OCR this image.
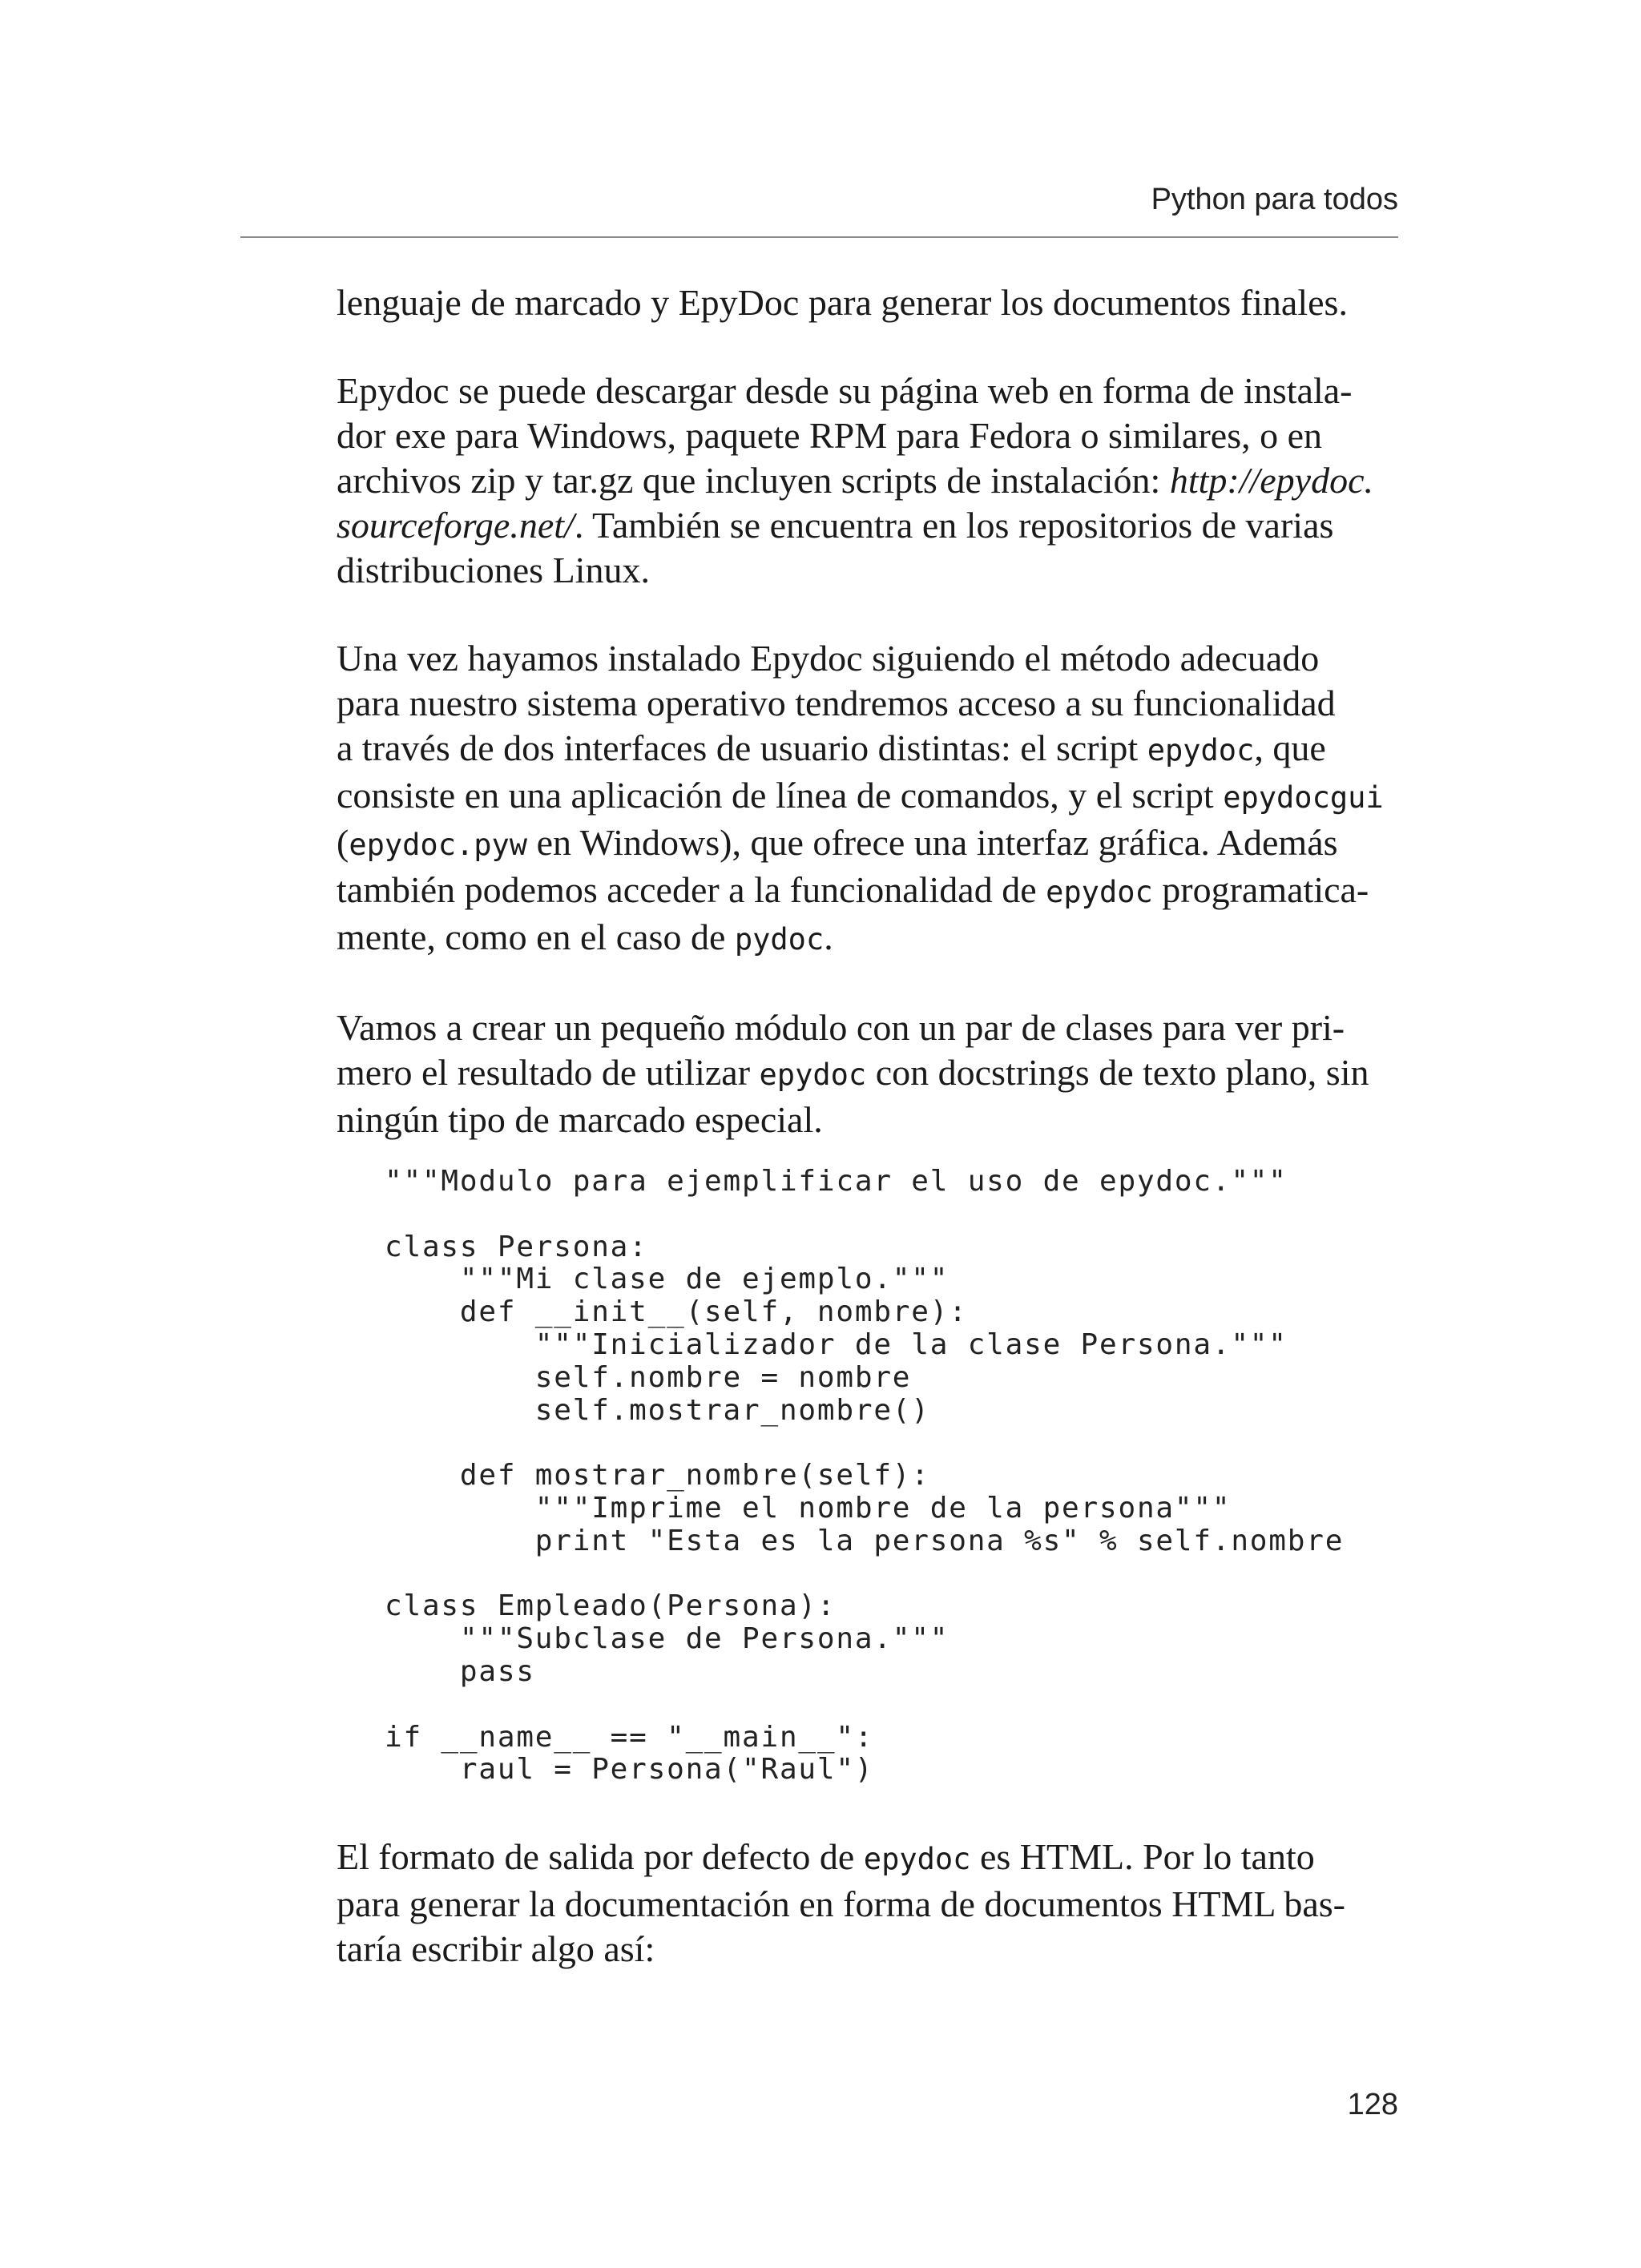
Python para todos

lenguaje de marcado y EpyDoc para generar los documentos finales.

Epydoc se puede descargar desde su página web en forma de instala-
dor exe para Windows, paquete RPM para Fedora o similares, o en
archivos zip y tar.gz que incluyen scripts de instalación: http://epydoc.
sourceforge.net/. También se encuentra en los repositorios de varias
distribuciones Linux.

Una vez hayamos instalado Epydoc siguiendo el método adecuado
para nuestro sistema operativo tendremos acceso a su funcionalidad
a través de dos interfaces de usuario distintas: el script epydoc, que
consiste en una aplicación de línea de comandos, y el script epydocgui
(epydoc.pyw en Windows), que ofrece una interfaz gráfica. Además
también podemos acceder a la funcionalidad de epydoc programatica-
mente, como en el caso de pydoc.

Vamos a crear un pequeño módulo con un par de clases para ver pri-
mero el resultado de utilizar epydoc con docstrings de texto plano, sin
ningún tipo de marcado especial.

"""Modulo para ejemplificar el uso de epydoc."""
class Persona:
"""Mi clase de ejemplo."""
def __init__(self, nombre):
"""Inicializador de la clase Persona."""
self.nombre = nombre
self.mostrar_nombre()
def mostrar_nombre(self):
"""Imprime el nombre de la persona"""
print "Esta es la persona %s" % self.nombre
class Empleado(Persona):
"""Subclase de Persona."""
pass
if __name__ == "__main__":
raul = Persona("Raul")

El formato de salida por defecto de epydoc es HTML. Por lo tanto
para generar la documentación en forma de documentos HTML bas-
taría escribir algo así:

128
